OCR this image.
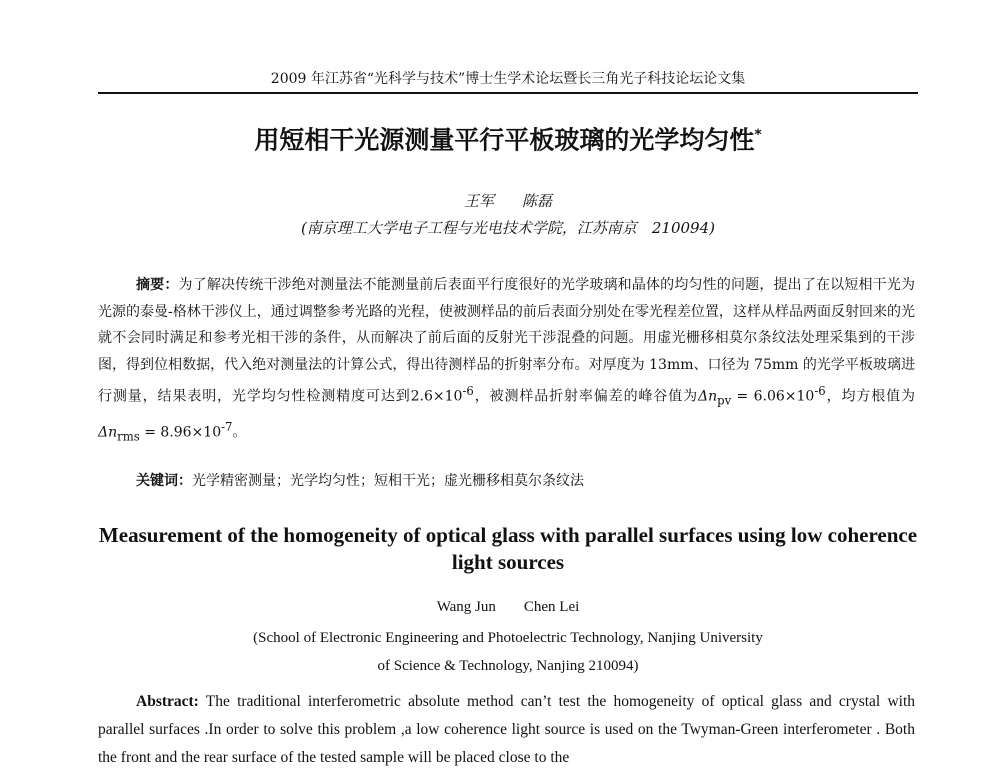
2009 年江苏省“光科学与技术”博士生学术论坛暨长三角光子科技论坛论文集
用短相干光源测量平行平板玻璃的光学均匀性*
王军 陈磊
(南京理工大学电子工程与光电技术学院，江苏南京　210094)
摘要：为了解决传统干涉绝对测量法不能测量前后表面平行度很好的光学玻璃和晶体的均匀性的问题，提出了在以短相干光为光源的泰曼-格林干涉仪上，通过调整参考光路的光程，使被测样品的前后表面分别处在零光程差位置，这样从样品两面反射回来的光就不会同时满足和参考光相干涉的条件，从而解决了前后面的反射光干涉混叠的问题。用虚光栅移相莫尔条纹法处理采集到的干涉图，得到位相数据，代入绝对测量法的计算公式，得出待测样品的折射率分布。对厚度为 13mm、口径为 75mm 的光学平板玻璃进行测量，结果表明，光学均匀性检测精度可达到$2.6\times 10^{-6}$，被测样品折射率偏差的峰谷值为$\Delta n_{pv} = 6.06\times 10^{-6}$，均方根值为$\Delta n_{rms} = 8.96\times 10^{-7}$。
关键词：光学精密测量；光学均匀性；短相干光；虚光栅移相莫尔条纹法
Measurement of the homogeneity of optical glass with parallel surfaces using low coherence light sources
Wang Jun Chen Lei
(School of Electronic Engineering and Photoelectric Technology, Nanjing University
of Science & Technology, Nanjing 210094)
Abstract: The traditional interferometric absolute method can’t test the homogeneity of optical glass and crystal with parallel surfaces .In order to solve this problem ,a low coherence light source is used on the Twyman-Green interferometer . Both the front and the rear surface of the tested sample will be placed close to the
